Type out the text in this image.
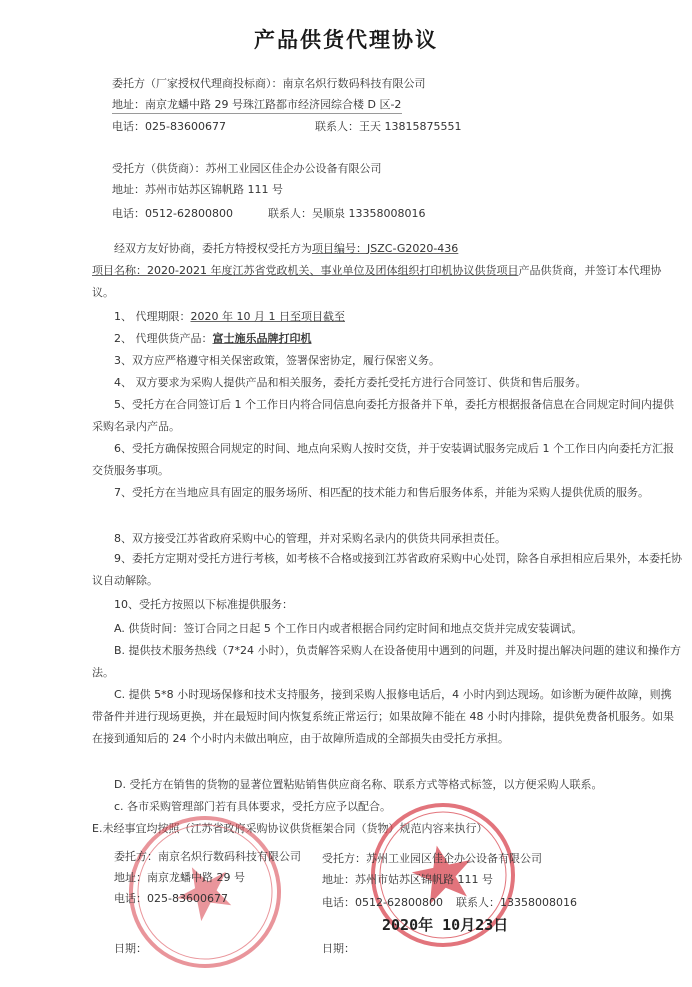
产品供货代理协议
委托方（厂家授权代理商投标商）：南京名炽行数码科技有限公司
地址：南京龙蟠中路 29 号珠江路都市经济园综合楼 D 区-2
电话：025-83600677	联系人：王天 13815875551
受托方（供货商）：苏州工业园区佳企办公设备有限公司
地址：苏州市姑苏区锦帆路 111 号
电话：0512-62800800	联系人：吴顺泉 13358008016
经双方友好协商，委托方特授权受托方为项目编号：JSZC-G2020-436
项目名称：2020-2021 年度江苏省党政机关、事业单位及团体组织打印机协议供货项目产品供货商，并签订本代理协议。
1、 代理期限：2020 年 10 月 1 日至项目截至
2、 代理供货产品：富士施乐品牌打印机
3、双方应严格遵守相关保密政策，签署保密协定，履行保密义务。
4、 双方要求为采购人提供产品和相关服务，委托方委托受托方进行合同签订、供货和售后服务。
5、受托方在合同签订后 1 个工作日内将合同信息向委托方报备并下单，委托方根据报备信息在合同规定时间内提供采购名录内产品。
6、受托方确保按照合同规定的时间、地点向采购人按时交货，并于安装调试服务完成后 1 个工作日内向委托方汇报交货服务事项。
7、受托方在当地应具有固定的服务场所、相匹配的技术能力和售后服务体系，并能为采购人提供优质的服务。
8、双方接受江苏省政府采购中心的管理，并对采购名录内的供货共同承担责任。
9、委托方定期对受托方进行考核，如考核不合格或接到江苏省政府采购中心处罚，除各自承担相应后果外，本委托协议自动解除。
10、受托方按照以下标准提供服务：
A. 供货时间：签订合同之日起 5 个工作日内或者根据合同约定时间和地点交货并完成安装调试。
B. 提供技术服务热线（7*24 小时），负责解答采购人在设备使用中遇到的问题，并及时提出解决问题的建议和操作方法。
C. 提供 5*8 小时现场保修和技术支持服务，接到采购人报修电话后，4 小时内到达现场。如诊断为硬件故障，则携带备件并进行现场更换，并在最短时间内恢复系统正常运行；如果故障不能在 48 小时内排除，提供免费备机服务。如果在接到通知后的 24 个小时内未做出响应，由于故障所造成的全部损失由受托方承担。
D. 受托方在销售的货物的显著位置粘贴销售供应商名称、联系方式等格式标签，以方便采购人联系。
c. 各市采购管理部门若有具体要求，受托方应予以配合。
E.未经事宜均按照（江苏省政府采购协议供货框架合同（货物）规范内容来执行）
委托方：南京名炽行数码科技有限公司
地址：南京龙蟠中路 29 号
电话：025-83600677
日期：
受托方：苏州工业园区佳企办公设备有限公司
地址：苏州市姑苏区锦帆路 111 号
电话：0512-62800800 联系人：13358008016
2020年 10月23日
日期：
